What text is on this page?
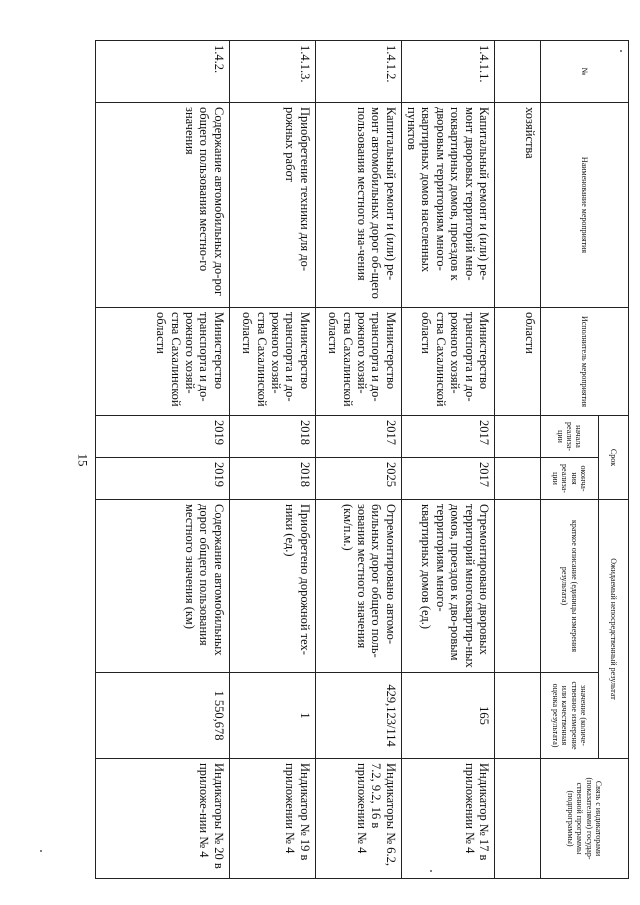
15
№	Наименование мероприятия	Исполнитель мероприятия	Срок		Ожидаемый непосредственный результат		Связь с индикаторами (показателями) государ-ственной программы (подпрограммы)
			начала реализа-ции	оконча-ния реализа-ции	краткое описание (единицы измерения результата)	значение (количе-ственное измерение или качественная оценка результата)	
	хозяйства	области					
1.4.1.1.	Капитальный ремонт и (или) ре-монт дворовых территорий мно-гоквартирных домов, проездов к дворовым территориям много-квартирных домов населенных пунктов	Министерство транспорта и до-рожного хозяй-ства Сахалинской области	2017	2017	Отремонтировано дворовых территорий многоквартир-ных домов, проездов к дво-ровым территориям много-квартирных домов (ед.)	165	Индикатор № 17 в приложении № 4
1.4.1.2.	Капитальный ремонт и (или) ре-монт автомобильных дорог об-щего пользования местного зна-чения	Министерство транспорта и до-рожного хозяй-ства Сахалинской области	2017	2025	Отремонтировано автомо-бильных дорог общего поль-зования местного значения (км/п.м.)	429,123/114	Индикаторы № 6.2, 7.2, 9.2, 16 в приложении № 4
1.4.1.3.	Приобретение техники для до-рожных работ	Министерство транспорта и до-рожного хозяй-ства Сахалинской области	2018	2018	Приобретено дорожной тех-ники (ед.)	1	Индикатор № 19 в приложении № 4
1.4.2.	Содержание автомобильных до-рог общего пользования местно-го значения	Министерство транспорта и до-рожного хозяй-ства Сахалинской области	2019	2019	Содержание автомобильных дорог общего пользования местного значения (км)	1 550,678	Индикаторы № 20 в приложе-нии № 4
